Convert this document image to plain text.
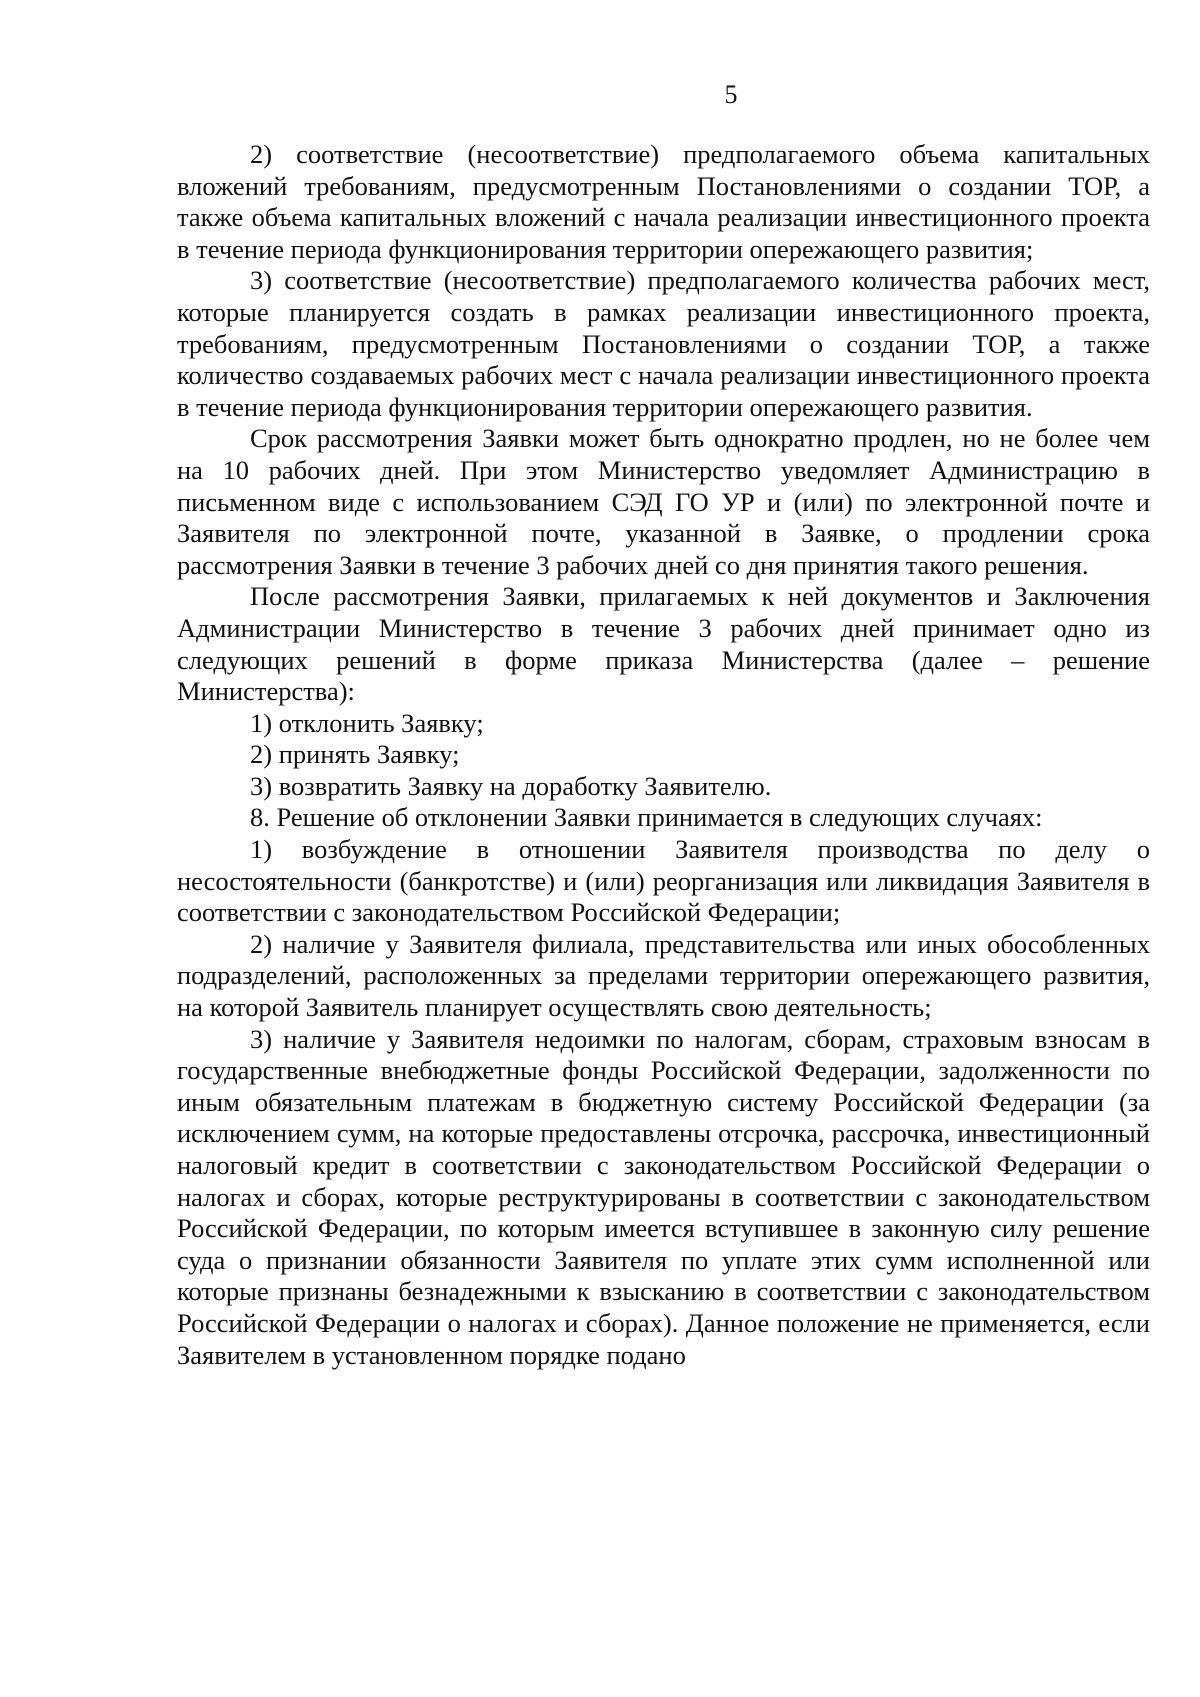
5

2) соответствие (несоответствие) предполагаемого объема капитальных вложений требованиям, предусмотренным Постановлениями о создании ТОР, а также объема капитальных вложений с начала реализации инвестиционного проекта в течение периода функционирования территории опережающего развития;

3) соответствие (несоответствие) предполагаемого количества рабочих мест, которые планируется создать в рамках реализации инвестиционного проекта, требованиям, предусмотренным Постановлениями о создании ТОР, а также количество создаваемых рабочих мест с начала реализации инвестиционного проекта в течение периода функционирования территории опережающего развития.

Срок рассмотрения Заявки может быть однократно продлен, но не более чем на 10 рабочих дней. При этом Министерство уведомляет Администрацию в письменном виде с использованием СЭД ГО УР и (или) по электронной почте и Заявителя по электронной почте, указанной в Заявке, о продлении срока рассмотрения Заявки в течение 3 рабочих дней со дня принятия такого решения.

После рассмотрения Заявки, прилагаемых к ней документов и Заключения Администрации Министерство в течение 3 рабочих дней принимает одно из следующих решений в форме приказа Министерства (далее – решение Министерства):

1) отклонить Заявку;

2) принять Заявку;

3) возвратить Заявку на доработку Заявителю.

8. Решение об отклонении Заявки принимается в следующих случаях:

1) возбуждение в отношении Заявителя производства по делу о несостоятельности (банкротстве) и (или) реорганизация или ликвидация Заявителя в соответствии с законодательством Российской Федерации;

2) наличие у Заявителя филиала, представительства или иных обособленных подразделений, расположенных за пределами территории опережающего развития, на которой Заявитель планирует осуществлять свою деятельность;

3) наличие у Заявителя недоимки по налогам, сборам, страховым взносам в государственные внебюджетные фонды Российской Федерации, задолженности по иным обязательным платежам в бюджетную систему Российской Федерации (за исключением сумм, на которые предоставлены отсрочка, рассрочка, инвестиционный налоговый кредит в соответствии с законодательством Российской Федерации о налогах и сборах, которые реструктурированы в соответствии с законодательством Российской Федерации, по которым имеется вступившее в законную силу решение суда о признании обязанности Заявителя по уплате этих сумм исполненной или которые признаны безнадежными к взысканию в соответствии с законодательством Российской Федерации о налогах и сборах). Данное положение не применяется, если Заявителем в установленном порядке подано
